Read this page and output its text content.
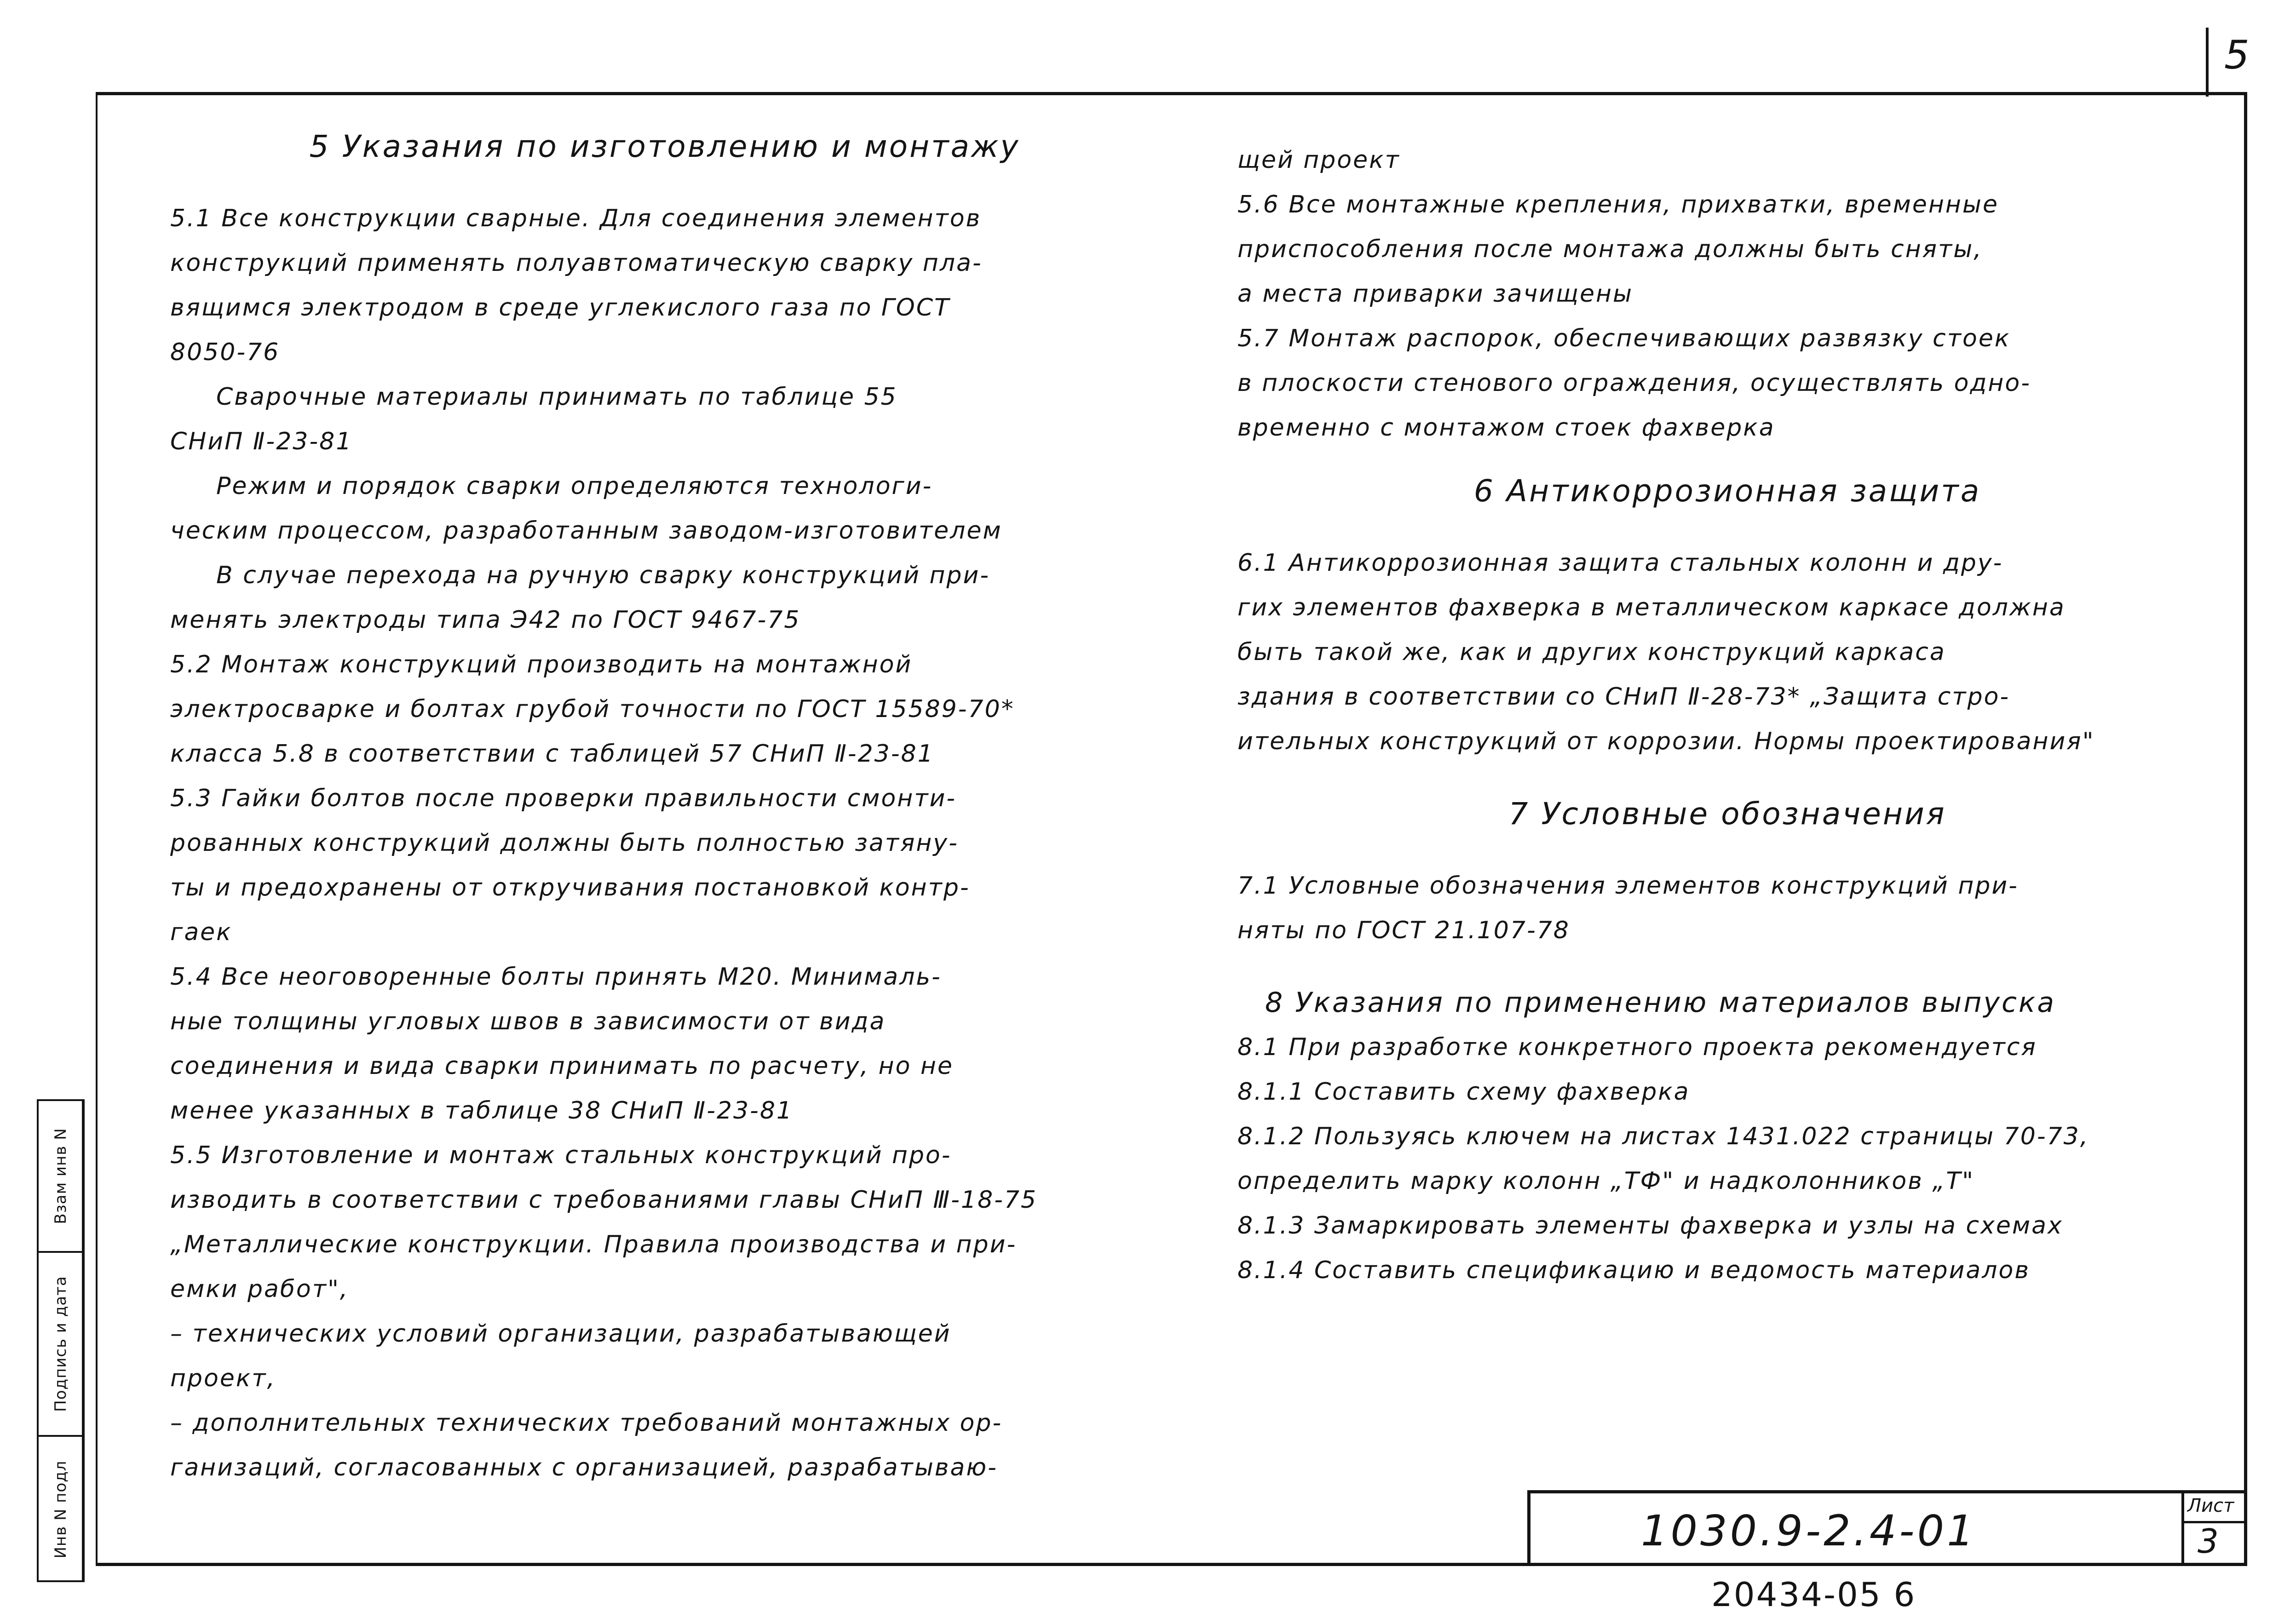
5
Взам инв N
Подпись и дата
Инв N подл
5 Указания по изготовлению и монтажу
5.1 Все конструкции сварные. Для соединения элементов
конструкций применять полуавтоматическую сварку пла-
вящимся электродом в среде углекислого газа по ГОСТ
8050-76
Сварочные материалы принимать по таблице 55
СНиП Ⅱ-23-81
Режим и порядок сварки определяются технологи-
ческим процессом, разработанным заводом-изготовителем
В случае перехода на ручную сварку конструкций при-
менять электроды типа Э42 по ГОСТ 9467-75
5.2 Монтаж конструкций производить на монтажной
электросварке и болтах грубой точности по ГОСТ 15589-70*
класса 5.8 в соответствии с таблицей 57 СНиП Ⅱ-23-81
5.3 Гайки болтов после проверки правильности смонти-
рованных конструкций должны быть полностью затяну-
ты и предохранены от откручивания постановкой контр-
гаек
5.4 Все неоговоренные болты принять М20. Минималь-
ные толщины угловых швов в зависимости от вида
соединения и вида сварки принимать по расчету, но не
менее указанных в таблице 38 СНиП Ⅱ-23-81
5.5 Изготовление и монтаж стальных конструкций про-
изводить в соответствии с требованиями главы СНиП Ⅲ-18-75
„Металлические конструкции. Правила производства и при-
емки работ",
– технических условий организации, разрабатывающей
проект,
– дополнительных технических требований монтажных ор-
ганизаций, согласованных с организацией, разрабатываю-
щей проект
5.6 Все монтажные крепления, прихватки, временные
приспособления после монтажа должны быть сняты,
а места приварки зачищены
5.7 Монтаж распорок, обеспечивающих развязку стоек
в плоскости стенового ограждения, осуществлять одно-
временно с монтажом стоек фахверка
6 Антикоррозионная защита
6.1 Антикоррозионная защита стальных колонн и дру-
гих элементов фахверка в металлическом каркасе должна
быть такой же, как и других конструкций каркаса
здания в соответствии со СНиП Ⅱ-28-73* „Защита стро-
ительных конструкций от коррозии. Нормы проектирования"
7 Условные обозначения
7.1 Условные обозначения элементов конструкций при-
няты по ГОСТ 21.107-78
8 Указания по применению материалов выпуска
8.1 При разработке конкретного проекта рекомендуется
8.1.1 Составить схему фахверка
8.1.2 Пользуясь ключем на листах 1431.022 страницы 70-73,
определить марку колонн „ТФ" и надколонников „Т"
8.1.3 Замаркировать элементы фахверка и узлы на схемах
8.1.4 Составить спецификацию и ведомость материалов
1030.9-2.4-01
Лист
3
20434-05 6
